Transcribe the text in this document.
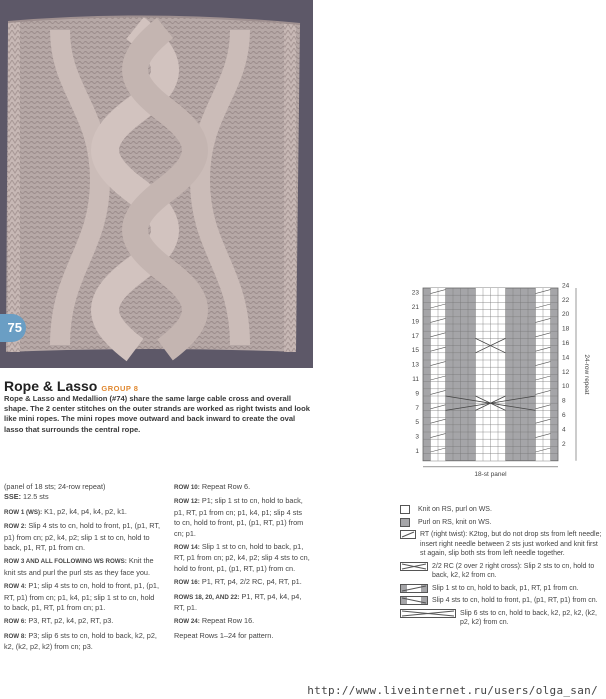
75
Rope & Lasso GROUP 8
Rope & Lasso and Medallion (#74) share the same large cable cross and overall shape. The 2 center stitches on the outer strands are worked as right twists and look like mini ropes. The mini ropes move outward and back inward to create the oval lasso that surrounds the central rope.

(panel of 18 sts; 24-row repeat)

SSE: 12.5 sts

ROW 1 (WS): K1, p2, k4, p4, k4, p2, k1.

ROW 2: Slip 4 sts to cn, hold to front, p1, (p1, RT, p1) from cn; p2, k4, p2; slip 1 st to cn, hold to back, p1, RT, p1 from cn.

ROW 3 AND ALL FOLLOWING WS ROWS: Knit the knit sts and purl the purl sts as they face you.

ROW 4: P1; slip 4 sts to cn, hold to front, p1, (p1, RT, p1) from cn; p1, k4, p1; slip 1 st to cn, hold to back, p1, RT, p1 from cn; p1.

ROW 6: P3, RT, p2, k4, p2, RT, p3.

ROW 8: P3; slip 6 sts to cn, hold to back, k2, p2, k2, (k2, p2, k2) from cn; p3.

ROW 10: Repeat Row 6.

ROW 12: P1; slip 1 st to cn, hold to back, p1, RT, p1 from cn; p1, k4, p1; slip 4 sts to cn, hold to front, p1, (p1, RT, p1) from cn; p1.

ROW 14: Slip 1 st to cn, hold to back, p1, RT, p1 from cn; p2, k4, p2; slip 4 sts to cn, hold to front, p1, (p1, RT, p1) from cn.

ROW 16: P1, RT, p4, 2/2 RC, p4, RT, p1.

ROWS 18, 20, AND 22: P1, RT, p4, k4, p4, RT, p1.

ROW 24: Repeat Row 16.

Repeat Rows 1–24 for pattern.

23
21
19
17
15
13
11
9
7
5
3
1
24
22
20
18
16
14
12
10
8
6
4
2
24-row repeat
18-st panel
Knit on RS, purl on WS.
Purl on RS, knit on WS.
RT (right twist): K2tog, but do not drop sts from left needle; insert right needle between 2 sts just worked and knit first st again, slip both sts from left needle together.
2/2 RC (2 over 2 right cross): Slip 2 sts to cn, hold to back, k2, k2 from cn.
Slip 1 st to cn, hold to back, p1, RT, p1 from cn.
Slip 4 sts to cn, hold to front, p1, (p1, RT, p1) from cn.
Slip 6 sts to cn, hold to back, k2, p2, k2, (k2, p2, k2) from cn.
http://www.liveinternet.ru/users/olga_san/
